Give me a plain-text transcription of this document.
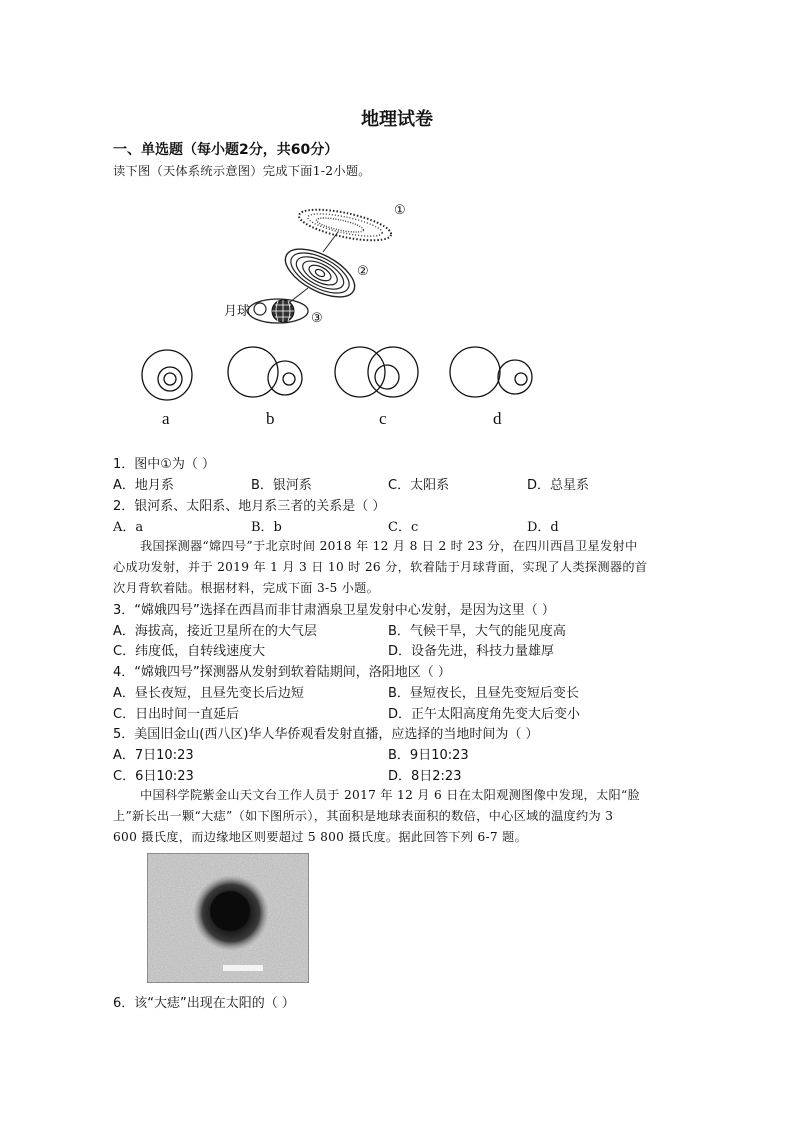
地理试卷
一、单选题（每小题2分，共60分）
读下图（天体系统示意图）完成下面1-2小题。
①
②
③
月球
a	b	c	d
1．图中①为（ ）
A．地月系	B．银河系	C．太阳系	D．总星系
2．银河系、太阳系、地月系三者的关系是（ ）
A．a	B．b	C．c	D．d
我国探测器“嫦四号”于北京时间 2018 年 12 月 8 日 2 时 23 分，在四川西昌卫星发射中
心成功发射，并于 2019 年 1 月 3 日 10 时 26 分，软着陆于月球背面，实现了人类探测器的首
次月背软着陆。根据材料，完成下面 3-5 小题。
3．“嫦娥四号”选择在西昌而非甘肃酒泉卫星发射中心发射，是因为这里（ ）
A．海拔高，接近卫星所在的大气层	B．气候干旱，大气的能见度高
C．纬度低，自转线速度大	D．设备先进，科技力量雄厚
4．“嫦娥四号”探测器从发射到软着陆期间，洛阳地区（ ）
A．昼长夜短，且昼先变长后边短	B．昼短夜长，且昼先变短后变长
C．日出时间一直延后	D．正午太阳高度角先变大后变小
5．美国旧金山(西八区)华人华侨观看发射直播，应选择的当地时间为（ ）
A．7日10:23	B．9日10:23
C．6日10:23	D．8日2:23
中国科学院紫金山天文台工作人员于 2017 年 12 月 6 日在太阳观测图像中发现，太阳“脸
上”新长出一颗“大痣”（如下图所示），其面积是地球表面积的数倍，中心区域的温度约为 3
600 摄氏度，而边缘地区则要超过 5 800 摄氏度。据此回答下列 6-7 题。
6．该“大痣”出现在太阳的（ ）
